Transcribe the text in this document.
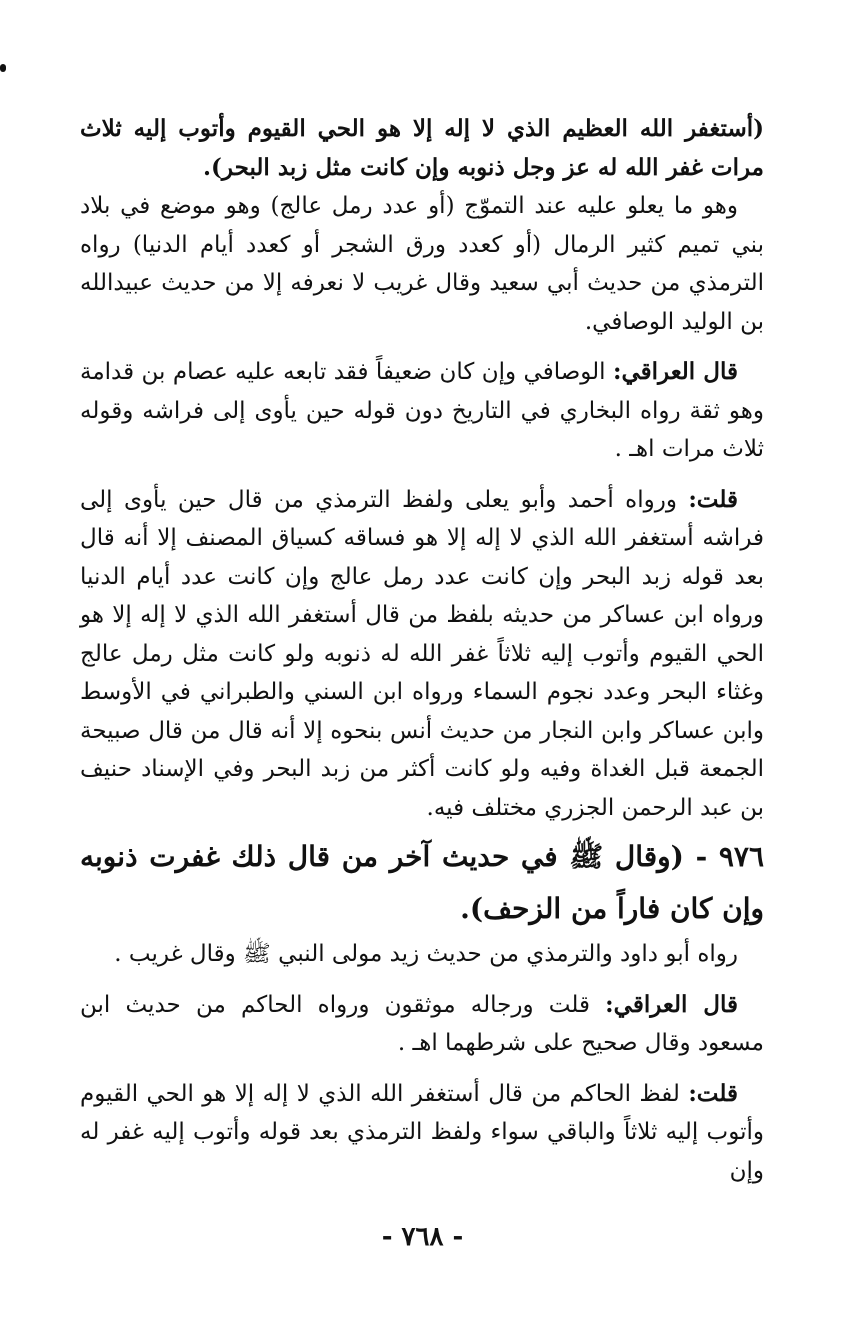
(أستغفر الله العظيم الذي لا إله إلا هو الحي القيوم وأتوب إليه ثلاث مرات غفر الله له عز وجل ذنوبه وإن كانت مثل زبد البحر).

وهو ما يعلو عليه عند التموّج (أو عدد رمل عالج) وهو موضع في بلاد بني تميم كثير الرمال (أو كعدد ورق الشجر أو كعدد أيام الدنيا) رواه الترمذي من حديث أبي سعيد وقال غريب لا نعرفه إلا من حديث عبيدالله بن الوليد الوصافي.

قال العراقي: الوصافي وإن كان ضعيفاً فقد تابعه عليه عصام بن قدامة وهو ثقة رواه البخاري في التاريخ دون قوله حين يأوى إلى فراشه وقوله ثلاث مرات اهـ .

قلت: ورواه أحمد وأبو يعلى ولفظ الترمذي من قال حين يأوى إلى فراشه أستغفر الله الذي لا إله إلا هو فساقه كسياق المصنف إلا أنه قال بعد قوله زبد البحر وإن كانت عدد رمل عالج وإن كانت عدد أيام الدنيا ورواه ابن عساكر من حديثه بلفظ من قال أستغفر الله الذي لا إله إلا هو الحي القيوم وأتوب إليه ثلاثاً غفر الله له ذنوبه ولو كانت مثل رمل عالج وغثاء البحر وعدد نجوم السماء ورواه ابن السني والطبراني في الأوسط وابن عساكر وابن النجار من حديث أنس بنحوه إلا أنه قال من قال صبيحة الجمعة قبل الغداة وفيه ولو كانت أكثر من زبد البحر وفي الإسناد حنيف بن عبد الرحمن الجزري مختلف فيه.

٩٧٦ - (وقال ﷺ في حديث آخر من قال ذلك غفرت ذنوبه وإن كان فاراً من الزحف).

رواه أبو داود والترمذي من حديث زيد مولى النبي ﷺ وقال غريب .

قال العراقي: قلت ورجاله موثقون ورواه الحاكم من حديث ابن مسعود وقال صحيح على شرطهما اهـ .

قلت: لفظ الحاكم من قال أستغفر الله الذي لا إله إلا هو الحي القيوم وأتوب إليه ثلاثاً والباقي سواء ولفظ الترمذي بعد قوله وأتوب إليه غفر له وإن

- ٧٦٨ -
